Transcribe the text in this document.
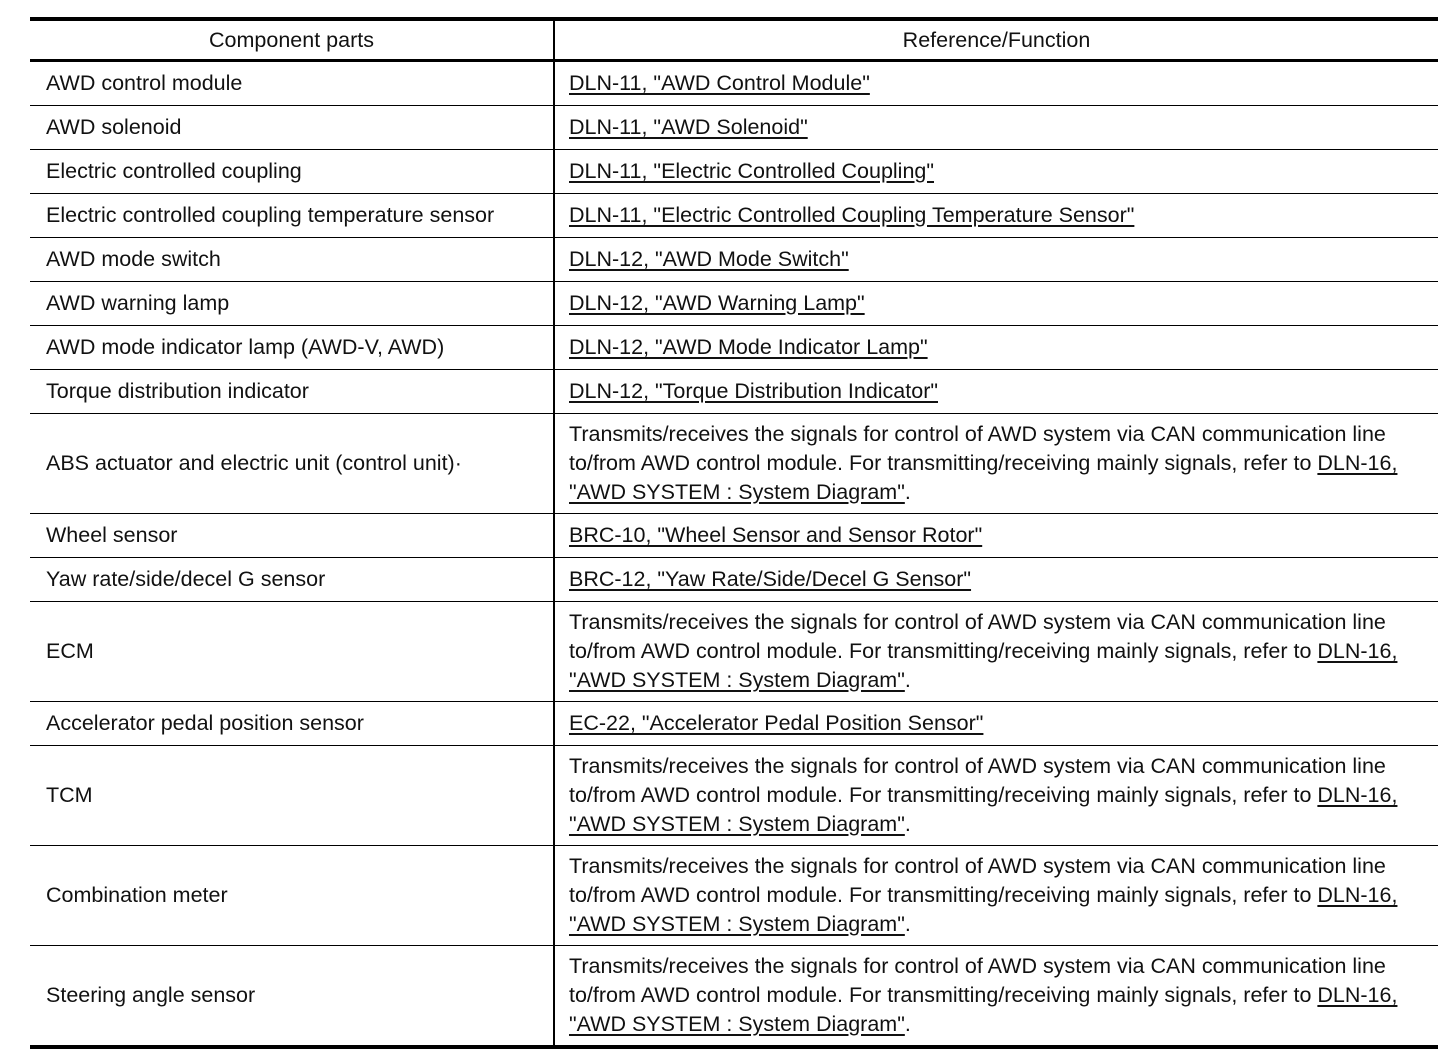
Component parts	Reference/Function
AWD control module	DLN-11, "AWD Control Module"
AWD solenoid	DLN-11, "AWD Solenoid"
Electric controlled coupling	DLN-11, "Electric Controlled Coupling"
Electric controlled coupling temperature sensor	DLN-11, "Electric Controlled Coupling Temperature Sensor"
AWD mode switch	DLN-12, "AWD Mode Switch"
AWD warning lamp	DLN-12, "AWD Warning Lamp"
AWD mode indicator lamp (AWD-V, AWD)	DLN-12, "AWD Mode Indicator Lamp"
Torque distribution indicator	DLN-12, "Torque Distribution Indicator"
ABS actuator and electric unit (control unit)·	Transmits/receives the signals for control of AWD system via CAN communication line to/from AWD control module. For transmitting/receiving mainly signals, refer to DLN-16, "AWD SYSTEM : System Diagram".
Wheel sensor	BRC-10, "Wheel Sensor and Sensor Rotor"
Yaw rate/side/decel G sensor	BRC-12, "Yaw Rate/Side/Decel G Sensor"
ECM	Transmits/receives the signals for control of AWD system via CAN communication line to/from AWD control module. For transmitting/receiving mainly signals, refer to DLN-16, "AWD SYSTEM : System Diagram".
Accelerator pedal position sensor	EC-22, "Accelerator Pedal Position Sensor"
TCM	Transmits/receives the signals for control of AWD system via CAN communication line to/from AWD control module. For transmitting/receiving mainly signals, refer to DLN-16, "AWD SYSTEM : System Diagram".
Combination meter	Transmits/receives the signals for control of AWD system via CAN communication line to/from AWD control module. For transmitting/receiving mainly signals, refer to DLN-16, "AWD SYSTEM : System Diagram".
Steering angle sensor	Transmits/receives the signals for control of AWD system via CAN communication line to/from AWD control module. For transmitting/receiving mainly signals, refer to DLN-16, "AWD SYSTEM : System Diagram".
